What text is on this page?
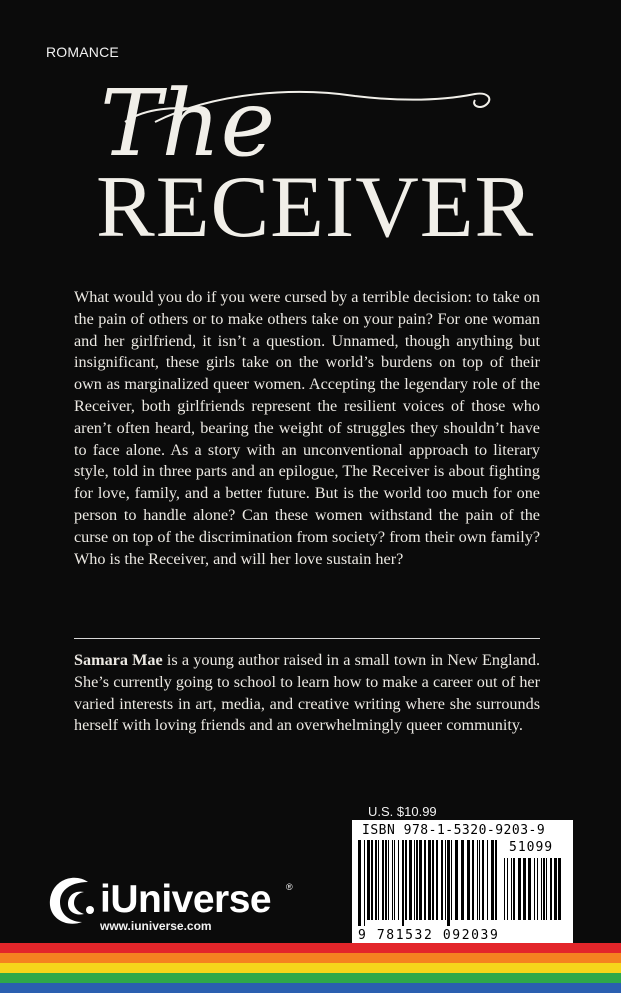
ROMANCE
The
RECEIVER

What would you do if you were cursed by a terrible decision: to take on the pain of others or to make others take on your pain? For one woman and her girlfriend, it isn’t a question. Unnamed, though anything but insignificant, these girls take on the world’s burdens on top of their own as marginalized queer women. Accepting the legendary role of the Receiver, both girlfriends represent the resilient voices of those who aren’t often heard, bearing the weight of struggles they shouldn’t have to face alone. As a story with an unconventional approach to literary style, told in three parts and an epilogue, The Receiver is about fighting for love, family, and a better future. But is the world too much for one person to handle alone? Can these women withstand the pain of the curse on top of the discrimination from society? from their own family? Who is the Receiver, and will her love sustain her?

Samara Mae is a young author raised in a small town in New England. She’s currently going to school to learn how to make a career out of her varied interests in art, media, and creative writing where she surrounds herself with loving friends and an overwhelmingly queer community.

U.S. $10.99
ISBN 978-1-5320-9203-9
51099
9 781532 092039
iUniverse ®
www.iuniverse.com
